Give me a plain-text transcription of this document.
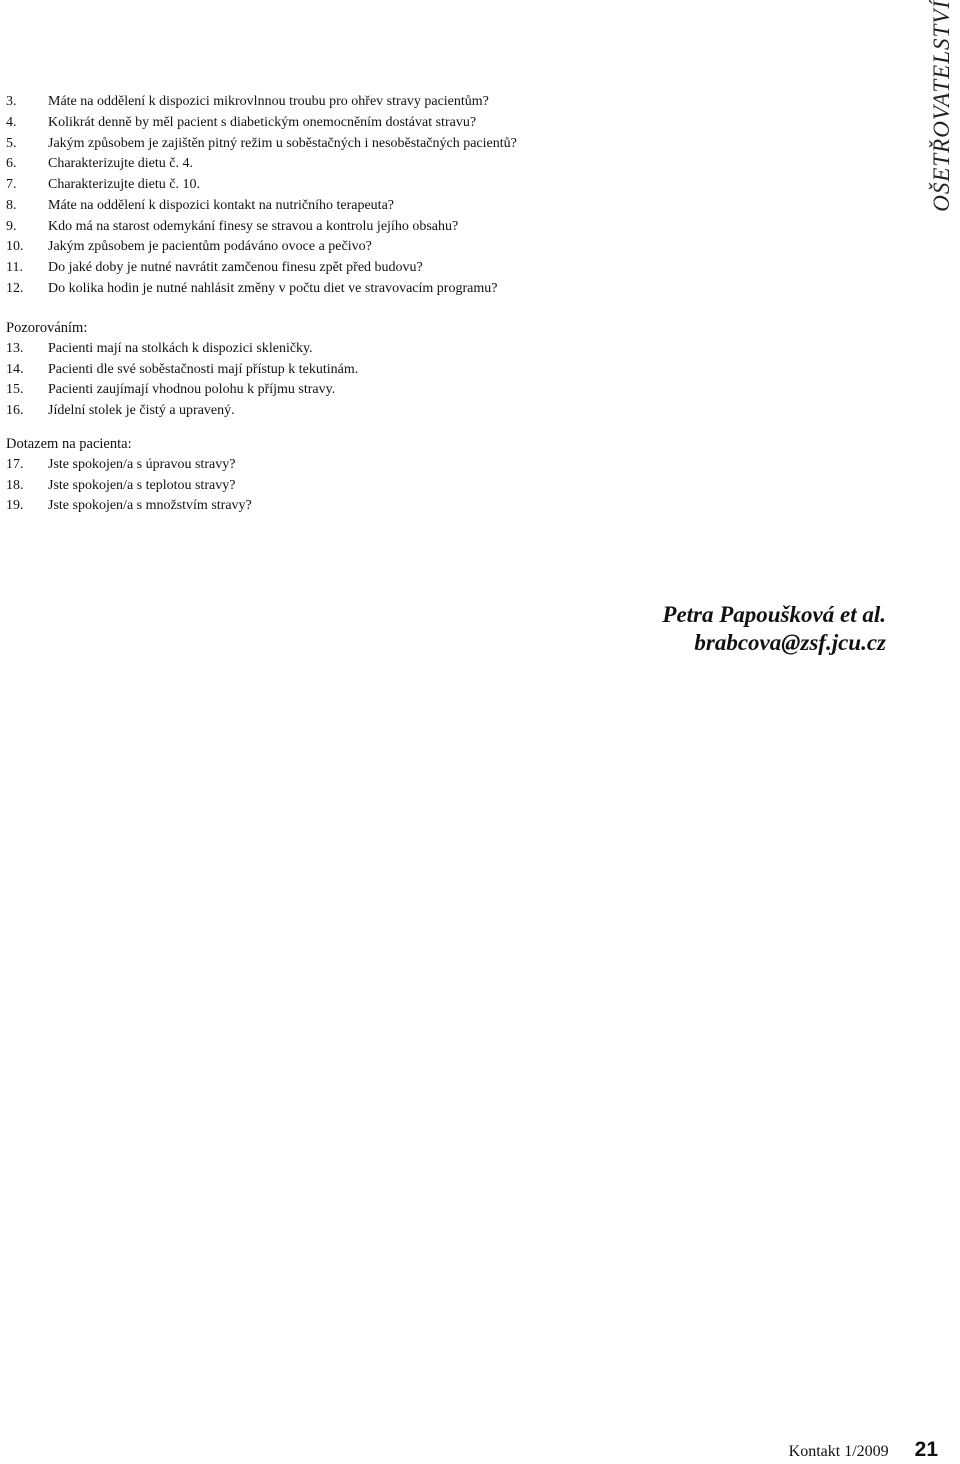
OŠETŘOVATELSTVÍ
3.	Máte na oddělení k dispozici mikrovlnnou troubu pro ohřev stravy pacientům?
4.	Kolikrát denně by měl pacient s diabetickým onemocněním dostávat stravu?
5.	Jakým způsobem je zajištěn pitný režim u soběstačných i nesoběstačných pacientů?
6.	Charakterizujte dietu č. 4.
7.	Charakterizujte dietu č. 10.
8.	Máte na oddělení k dispozici kontakt na nutričního terapeuta?
9.	Kdo má na starost odemykání finesy se stravou a kontrolu jejího obsahu?
10.	Jakým způsobem je pacientům podáváno ovoce a pečivo?
11.	Do jaké doby je nutné navrátit zamčenou finesu zpět před budovu?
12.	Do kolika hodin je nutné nahlásit změny v počtu diet ve stravovacím programu?
Pozorováním:
13.	Pacienti mají na stolkách k dispozici skleničky.
14.	Pacienti dle své soběstačnosti mají přístup k tekutinám.
15.	Pacienti zaujímají vhodnou polohu k příjmu stravy.
16.	Jídelní stolek je čistý a upravený.
Dotazem na pacienta:
17.	Jste spokojen/a s úpravou stravy?
18.	Jste spokojen/a s teplotou stravy?
19.	Jste spokojen/a s množstvím stravy?
Petra Papoušková et al.
brabcova@zsf.jcu.cz
Kontakt 1/2009 21
